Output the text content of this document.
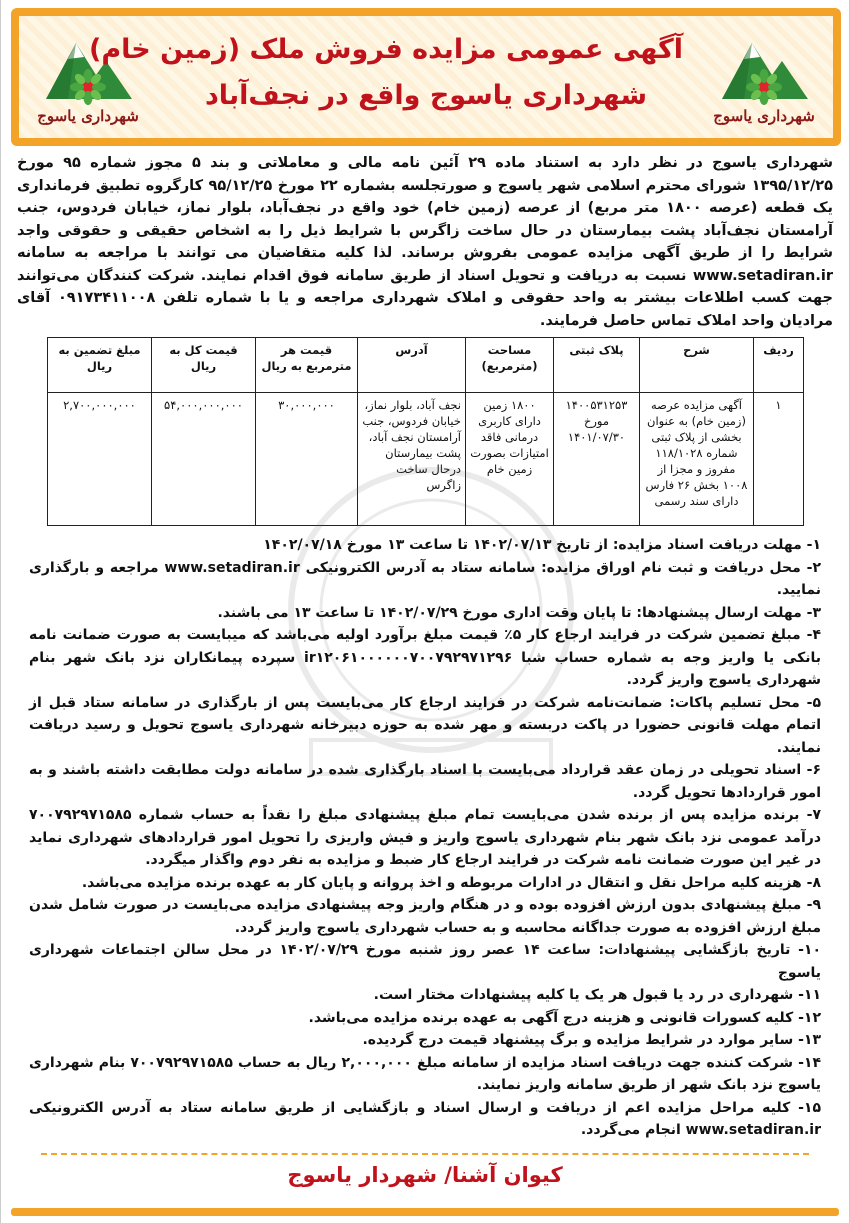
شهرداری یاسوج
آگهی عمومی مزایده فروش ملک (زمین خام)
شهرداری یاسوج واقع در نجف‌آباد
شهرداری یاسوج

شهرداری یاسوج در نظر دارد به استناد ماده ۲۹ آئین نامه مالی و معاملاتی و بند ۵ مجوز شماره ۹۵ مورخ ۱۳۹۵/۱۲/۲۵ شورای محترم اسلامی شهر یاسوج و صورتجلسه بشماره ۲۲ مورخ ۹۵/۱۲/۲۵ کارگروه تطبیق فرمانداری یک قطعه (عرصه ۱۸۰۰ متر مربع) از عرصه (زمین خام) خود واقع در نجف‌آباد، بلوار نماز، خیابان فردوس، جنب آرامستان نجف‌آباد پشت بیمارستان در حال ساخت زاگرس با شرایط ذیل را به اشخاص حقیقی و حقوقی واجد شرایط را از طریق آگهی مزایده عمومی بفروش برساند. لذا کلیه متقاضیان می توانند با مراجعه به سامانه www.setadiran.ir نسبت به دریافت و تحویل اسناد از طریق سامانه فوق اقدام نمایند. شرکت کنندگان می‌توانند جهت کسب اطلاعات بیشتر به واحد حقوقی و املاک شهرداری مراجعه و یا با شماره تلفن ۰۹۱۷۳۴۱۱۰۰۸ آقای مرادیان واحد املاک تماس حاصل فرمایند.

ردیف	شرح	پلاک ثبتی	مساحت (مترمربع)	آدرس	قیمت هر مترمربع به ریال	قیمت کل به ریال	مبلغ تضمین به ریال
۱	آگهی مزایده عرصه (زمین خام) به عنوان بخشی از پلاک ثبتی شماره ۱۱۸/۱۰۲۸ مفروز و مجزا از ۱۰۰۸ بخش ۲۶ فارس دارای سند رسمی	۱۴۰۰۵۳۱۲۵۳ مورخ ۱۴۰۱/۰۷/۳۰	۱۸۰۰ زمین دارای کاربری درمانی فاقد امتیازات بصورت زمین خام	نجف آباد، بلوار نماز، خیابان فردوس، جنب آرامستان نجف آباد، پشت بیمارستان درحال ساخت زاگرس	۳۰,۰۰۰,۰۰۰	۵۴,۰۰۰,۰۰۰,۰۰۰	۲,۷۰۰,۰۰۰,۰۰۰
۱- مهلت دریافت اسناد مزایده: از تاریخ ۱۴۰۲/۰۷/۱۳ تا ساعت ۱۳ مورخ ۱۴۰۲/۰۷/۱۸
۲- محل دریافت و ثبت نام اوراق مزایده: سامانه ستاد به آدرس الکترونیکی www.setadiran.ir مراجعه و بارگذاری نمایید.
۳- مهلت ارسال پیشنهادها: تا پایان وقت اداری مورخ ۱۴۰۲/۰۷/۲۹ تا ساعت ۱۳ می باشند.
۴- مبلغ تضمین شرکت در فرایند ارجاع کار ۵٪ قیمت مبلغ برآورد اولیه می‌باشد که میبایست به صورت ضمانت نامه بانکی یا واریز وجه به شماره حساب شبا ir۱۲۰۶۱۰۰۰۰۰۰۷۰۰۷۹۲۹۷۱۲۹۶ سپرده پیمانکاران نزد بانک شهر بنام شهرداری یاسوج واریز گردد.
۵- محل تسلیم پاکات: ضمانت‌نامه شرکت در فرایند ارجاع کار می‌بایست پس از بارگذاری در سامانه ستاد قبل از اتمام مهلت قانونی حضورا در پاکت دربسته و مهر شده به حوزه دبیرخانه شهرداری یاسوج تحویل و رسید دریافت نمایند.
۶- اسناد تحویلی در زمان عقد قرارداد می‌بایست با اسناد بارگذاری شده در سامانه دولت مطابقت داشته باشند و به امور قراردادها تحویل گردد.
۷- برنده مزایده پس از برنده شدن می‌بایست تمام مبلغ پیشنهادی مبلغ را نقداً به حساب شماره ۷۰۰۷۹۲۹۷۱۵۸۵ درآمد عمومی نزد بانک شهر بنام شهرداری یاسوج واریز و فیش واریزی را تحویل امور قراردادهای شهرداری نماید در غیر این صورت ضمانت نامه شرکت در فرایند ارجاع کار ضبط و مزایده به نفر دوم واگذار میگردد.
۸- هزینه کلیه مراحل نقل و انتقال در ادارات مربوطه و اخذ پروانه و پایان کار به عهده برنده مزایده می‌باشد.
۹- مبلغ پیشنهادی بدون ارزش افزوده بوده و در هنگام واریز وجه پیشنهادی مزایده می‌بایست در صورت شامل شدن مبلغ ارزش افزوده به صورت جداگانه محاسبه و به حساب شهرداری یاسوج واریز گردد.
۱۰- تاریخ بازگشایی پیشنهادات: ساعت ۱۴ عصر روز شنبه مورخ ۱۴۰۲/۰۷/۲۹ در محل سالن اجتماعات شهرداری یاسوج
۱۱- شهرداری در رد یا قبول هر یک یا کلیه پیشنهادات مختار است.
۱۲- کلیه کسورات قانونی و هزینه درج آگهی به عهده برنده مزایده می‌باشد.
۱۳- سایر موارد در شرایط مزایده و برگ پیشنهاد قیمت درج گردیده.
۱۴- شرکت کننده جهت دریافت اسناد مزایده از سامانه مبلغ ۲,۰۰۰,۰۰۰ ریال به حساب ۷۰۰۷۹۲۹۷۱۵۸۵ بنام شهرداری یاسوج نزد بانک شهر از طریق سامانه واریز نمایند.
۱۵- کلیه مراحل مزایده اعم از دریافت و ارسال اسناد و بازگشایی از طریق سامانه ستاد به آدرس الکترونیکی www.setadiran.ir انجام می‌گردد.
کیوان آشنا/ شهردار یاسوج
